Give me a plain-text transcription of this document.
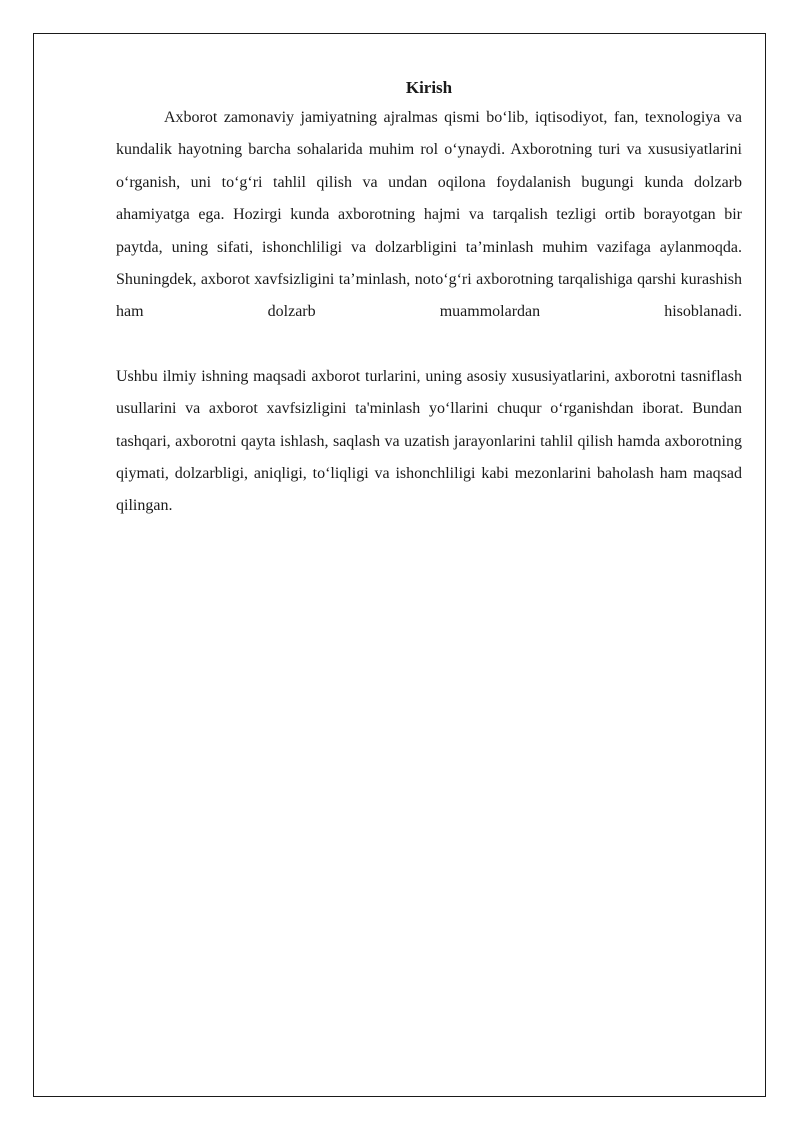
Kirish

Axborot zamonaviy jamiyatning ajralmas qismi bo‘lib, iqtisodiyot, fan, texnologiya va kundalik hayotning barcha sohalarida muhim rol o‘ynaydi. Axborotning turi va xususiyatlarini o‘rganish, uni to‘g‘ri tahlil qilish va undan oqilona foydalanish bugungi kunda dolzarb ahamiyatga ega. Hozirgi kunda axborotning hajmi va tarqalish tezligi ortib borayotgan bir paytda, uning sifati, ishonchliligi va dolzarbligini ta’minlash muhim vazifaga aylanmoqda. Shuningdek, axborot xavfsizligini ta’minlash, noto‘g‘ri axborotning tarqalishiga qarshi kurashish ham dolzarb muammolardan hisoblanadi.

Ushbu ilmiy ishning maqsadi axborot turlarini, uning asosiy xususiyatlarini, axborotni tasniflash usullarini va axborot xavfsizligini ta'minlash yo‘llarini chuqur o‘rganishdan iborat. Bundan tashqari, axborotni qayta ishlash, saqlash va uzatish jarayonlarini tahlil qilish hamda axborotning qiymati, dolzarbligi, aniqligi, to‘liqligi va ishonchliligi kabi mezonlarini baholash ham maqsad qilingan.
